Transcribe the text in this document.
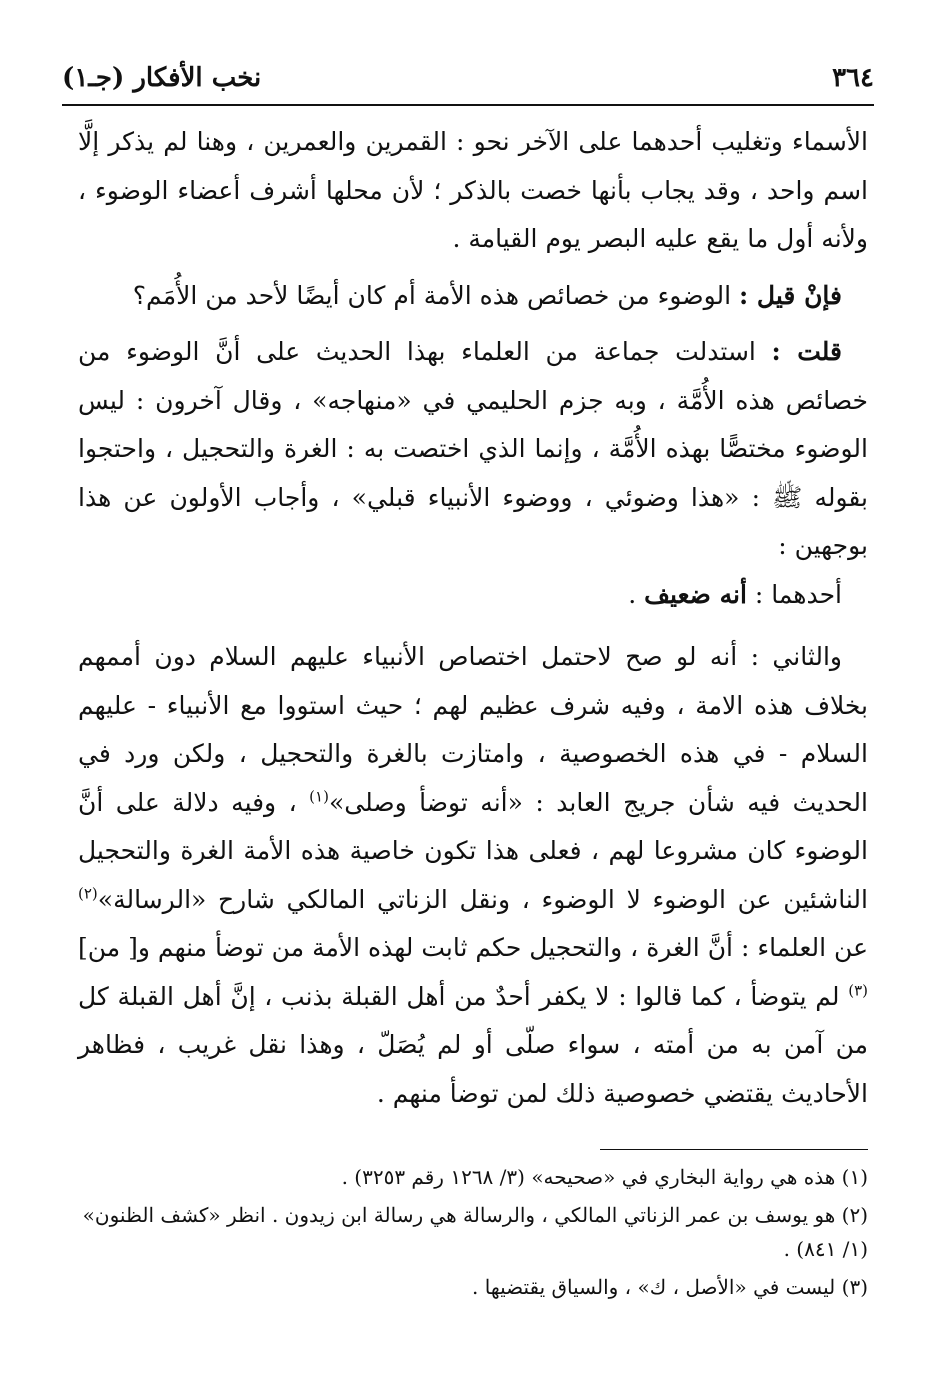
٣٦٤
نخب الأفكار (جـ١)

الأسماء وتغليب أحدهما على الآخر نحو : القمرين والعمرين ، وهنا لم يذكر إلَّا اسم واحد ، وقد يجاب بأنها خصت بالذكر ؛ لأن محلها أشرف أعضاء الوضوء ، ولأنه أول ما يقع عليه البصر يوم القيامة .

فإنْ قيل : الوضوء من خصائص هذه الأمة أم كان أيضًا لأحد من الأُمَم؟

قلت : استدلت جماعة من العلماء بهذا الحديث على أنَّ الوضوء من خصائص هذه الأُمَّة ، وبه جزم الحليمي في «منهاجه» ، وقال آخرون : ليس الوضوء مختصًّا بهذه الأُمَّة ، وإنما الذي اختصت به : الغرة والتحجيل ، واحتجوا بقوله ﷺ : «هذا وضوئي ، ووضوء الأنبياء قبلي» ، وأجاب الأولون عن هذا بوجهين :

أحدهما : أنه ضعيف .

والثاني : أنه لو صح لاحتمل اختصاص الأنبياء عليهم السلام دون أممهم بخلاف هذه الامة ، وفيه شرف عظيم لهم ؛ حيث استووا مع الأنبياء - عليهم السلام - في هذه الخصوصية ، وامتازت بالغرة والتحجيل ، ولكن ورد في الحديث فيه شأن جريج العابد : «أنه توضأ وصلى»$^{(١)}$ ، وفيه دلالة على أنَّ الوضوء كان مشروعا لهم ، فعلى هذا تكون خاصية هذه الأمة الغرة والتحجيل الناشئين عن الوضوء لا الوضوء ، ونقل الزناتي المالكي شارح «الرسالة»$^{(٢)}$ عن العلماء : أنَّ الغرة ، والتحجيل حكم ثابت لهذه الأمة من توضأ منهم و[ من]$^{(٣)}$ لم يتوضأ ، كما قالوا : لا يكفر أحدٌ من أهل القبلة بذنب ، إنَّ أهل القبلة كل من آمن به من أمته ، سواء صلّى أو لم يُصَلّ ، وهذا نقل غريب ، فظاهر الأحاديث يقتضي خصوصية ذلك لمن توضأ منهم .

(١) هذه هي رواية البخاري في «صحيحه» (٣/ ١٢٦٨ رقم ٣٢٥٣) .

(٢) هو يوسف بن عمر الزناتي المالكي ، والرسالة هي رسالة ابن زيدون . انظر «كشف الظنون» (١/ ٨٤١) .

(٣) ليست في «الأصل ، ك» ، والسياق يقتضيها .
